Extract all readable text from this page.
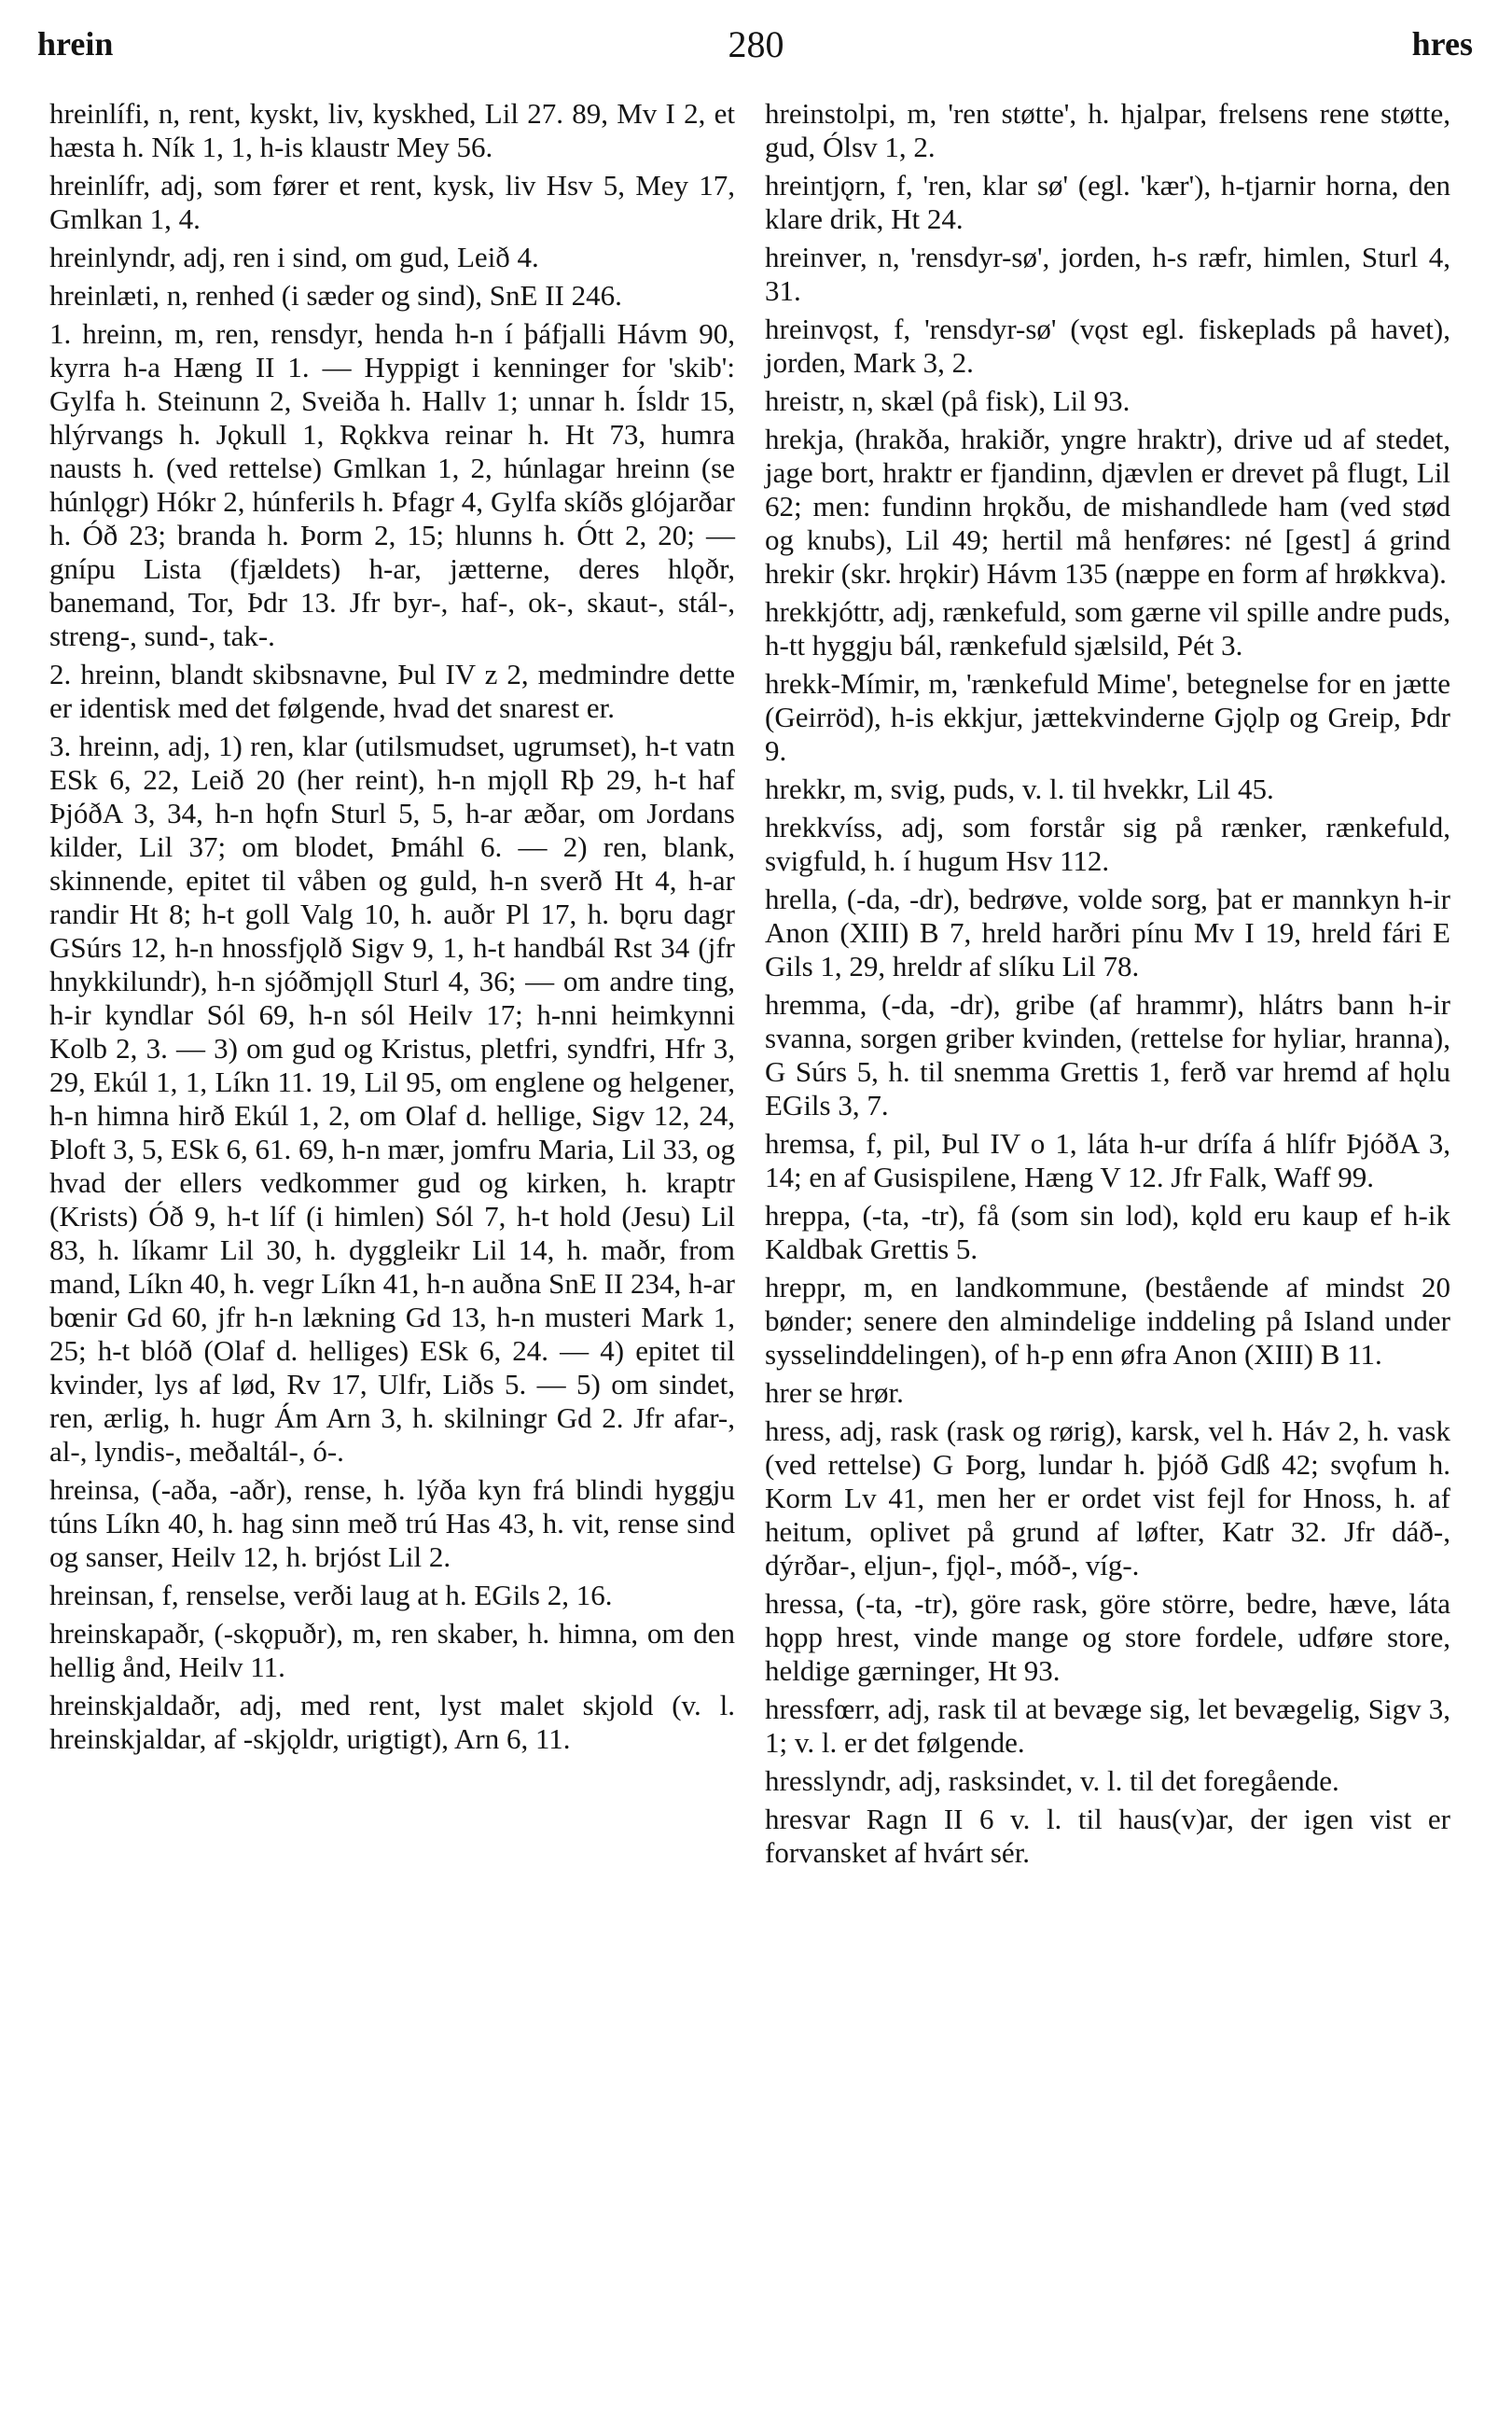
hrein	280	hres

hreinlífi, n, rent, kyskt, liv, kyskhed, Lil 27. 89, Mv I 2, et hæsta h. Ník 1, 1, h-is klaustr Mey 56.

hreinlífr, adj, som fører et rent, kysk, liv Hsv 5, Mey 17, Gmlkan 1, 4.

hreinlyndr, adj, ren i sind, om gud, Leið 4.

hreinlæti, n, renhed (i sæder og sind), SnE II 246.

1. hreinn, m, ren, rensdyr, henda h-n í þáfjalli Hávm 90, kyrra h-a Hæng II 1. — Hyppigt i kenninger for 'skib': Gylfa h. Steinunn 2, Sveiða h. Hallv 1; unnar h. Ísldr 15, hlýrvangs h. Jǫkull 1, Rǫkkva reinar h. Ht 73, humra nausts h. (ved rettelse) Gmlkan 1, 2, húnlagar hreinn (se húnlǫgr) Hókr 2, húnferils h. Þfagr 4, Gylfa skíðs glójarðar h. Óð 23; branda h. Þorm 2, 15; hlunns h. Ótt 2, 20; — gnípu Lista (fjældets) h-ar, jætterne, deres hlǫðr, banemand, Tor, Þdr 13. Jfr byr-, haf-, ok-, skaut-, stál-, streng-, sund-, tak-.

2. hreinn, blandt skibsnavne, Þul IV z 2, medmindre dette er identisk med det følgende, hvad det snarest er.

3. hreinn, adj, 1) ren, klar (utilsmudset, ugrumset), h-t vatn ESk 6, 22, Leið 20 (her reint), h-n mjǫll Rþ 29, h-t haf ÞjóðA 3, 34, h-n hǫfn Sturl 5, 5, h-ar æðar, om Jordans kilder, Lil 37; om blodet, Þmáhl 6. — 2) ren, blank, skinnende, epitet til våben og guld, h-n sverð Ht 4, h-ar randir Ht 8; h-t goll Valg 10, h. auðr Pl 17, h. bǫru dagr GSúrs 12, h-n hnossfjǫlð Sigv 9, 1, h-t handbál Rst 34 (jfr hnykkilundr), h-n sjóðmjǫll Sturl 4, 36; — om andre ting, h-ir kyndlar Sól 69, h-n sól Heilv 17; h-nni heimkynni Kolb 2, 3. — 3) om gud og Kristus, pletfri, syndfri, Hfr 3, 29, Ekúl 1, 1, Líkn 11. 19, Lil 95, om englene og helgener, h-n himna hirð Ekúl 1, 2, om Olaf d. hellige, Sigv 12, 24, Þloft 3, 5, ESk 6, 61. 69, h-n mær, jomfru Maria, Lil 33, og hvad der ellers vedkommer gud og kirken, h. kraptr (Krists) Óð 9, h-t líf (i himlen) Sól 7, h-t hold (Jesu) Lil 83, h. líkamr Lil 30, h. dyggleikr Lil 14, h. maðr, from mand, Líkn 40, h. vegr Líkn 41, h-n auðna SnE II 234, h-ar bœnir Gd 60, jfr h-n lækning Gd 13, h-n musteri Mark 1, 25; h-t blóð (Olaf d. helliges) ESk 6, 24. — 4) epitet til kvinder, lys af lød, Rv 17, Ulfr, Liðs 5. — 5) om sindet, ren, ærlig, h. hugr Ám Arn 3, h. skilningr Gd 2. Jfr afar-, al-, lyndis-, meðaltál-, ó-.

hreinsa, (-aða, -aðr), rense, h. lýða kyn frá blindi hyggju túns Líkn 40, h. hag sinn með trú Has 43, h. vit, rense sind og sanser, Heilv 12, h. brjóst Lil 2.

hreinsan, f, renselse, verði laug at h. EGils 2, 16.

hreinskapaðr, (-skǫpuðr), m, ren skaber, h. himna, om den hellig ånd, Heilv 11.

hreinskjaldaðr, adj, med rent, lyst malet skjold (v. l. hreinskjaldar, af -skjǫldr, urigtigt), Arn 6, 11.

hreinstolpi, m, 'ren støtte', h. hjalpar, frelsens rene støtte, gud, Ólsv 1, 2.

hreintjǫrn, f, 'ren, klar sø' (egl. 'kær'), h-tjarnir horna, den klare drik, Ht 24.

hreinver, n, 'rensdyr-sø', jorden, h-s ræfr, himlen, Sturl 4, 31.

hreinvǫst, f, 'rensdyr-sø' (vǫst egl. fiskeplads på havet), jorden, Mark 3, 2.

hreistr, n, skæl (på fisk), Lil 93.

hrekja, (hrakða, hrakiðr, yngre hraktr), drive ud af stedet, jage bort, hraktr er fjandinn, djævlen er drevet på flugt, Lil 62; men: fundinn hrǫkðu, de mishandlede ham (ved stød og knubs), Lil 49; hertil må henføres: né [gest] á grind hrekir (skr. hrǫkir) Hávm 135 (næppe en form af hrøkkva).

hrekkjóttr, adj, rænkefuld, som gærne vil spille andre puds, h-tt hyggju bál, rænkefuld sjælsild, Pét 3.

hrekk-Mímir, m, 'rænkefuld Mime', betegnelse for en jætte (Geirröd), h-is ekkjur, jættekvinderne Gjǫlp og Greip, Þdr 9.

hrekkr, m, svig, puds, v. l. til hvekkr, Lil 45.

hrekkvíss, adj, som forstår sig på rænker, rænkefuld, svigfuld, h. í hugum Hsv 112.

hrella, (-da, -dr), bedrøve, volde sorg, þat er mannkyn h-ir Anon (XIII) B 7, hreld harðri pínu Mv I 19, hreld fári E Gils 1, 29, hreldr af slíku Lil 78.

hremma, (-da, -dr), gribe (af hrammr), hlátrs bann h-ir svanna, sorgen griber kvinden, (rettelse for hyliar, hranna), G Súrs 5, h. til snemma Grettis 1, ferð var hremd af hǫlu EGils 3, 7.

hremsa, f, pil, Þul IV o 1, láta h-ur drífa á hlífr ÞjóðA 3, 14; en af Gusispilene, Hæng V 12. Jfr Falk, Waff 99.

hreppa, (-ta, -tr), få (som sin lod), kǫld eru kaup ef h-ik Kaldbak Grettis 5.

hreppr, m, en landkommune, (bestående af mindst 20 bønder; senere den almindelige inddeling på Island under sysselinddelingen), of h-p enn øfra Anon (XIII) B 11.

hrer se hrør.

hress, adj, rask (rask og rørig), karsk, vel h. Háv 2, h. vask (ved rettelse) G Þorg, lundar h. þjóð Gdß 42; svǫfum h. Korm Lv 41, men her er ordet vist fejl for Hnoss, h. af heitum, oplivet på grund af løfter, Katr 32. Jfr dáð-, dýrðar-, eljun-, fjǫl-, móð-, víg-.

hressa, (-ta, -tr), göre rask, göre större, bedre, hæve, láta hǫpp hrest, vinde mange og store fordele, udføre store, heldige gærninger, Ht 93.

hressfœrr, adj, rask til at bevæge sig, let bevægelig, Sigv 3, 1; v. l. er det følgende.

hresslyndr, adj, rasksindet, v. l. til det foregående.

hresvar Ragn II 6 v. l. til haus(v)ar, der igen vist er forvansket af hvárt sér.
